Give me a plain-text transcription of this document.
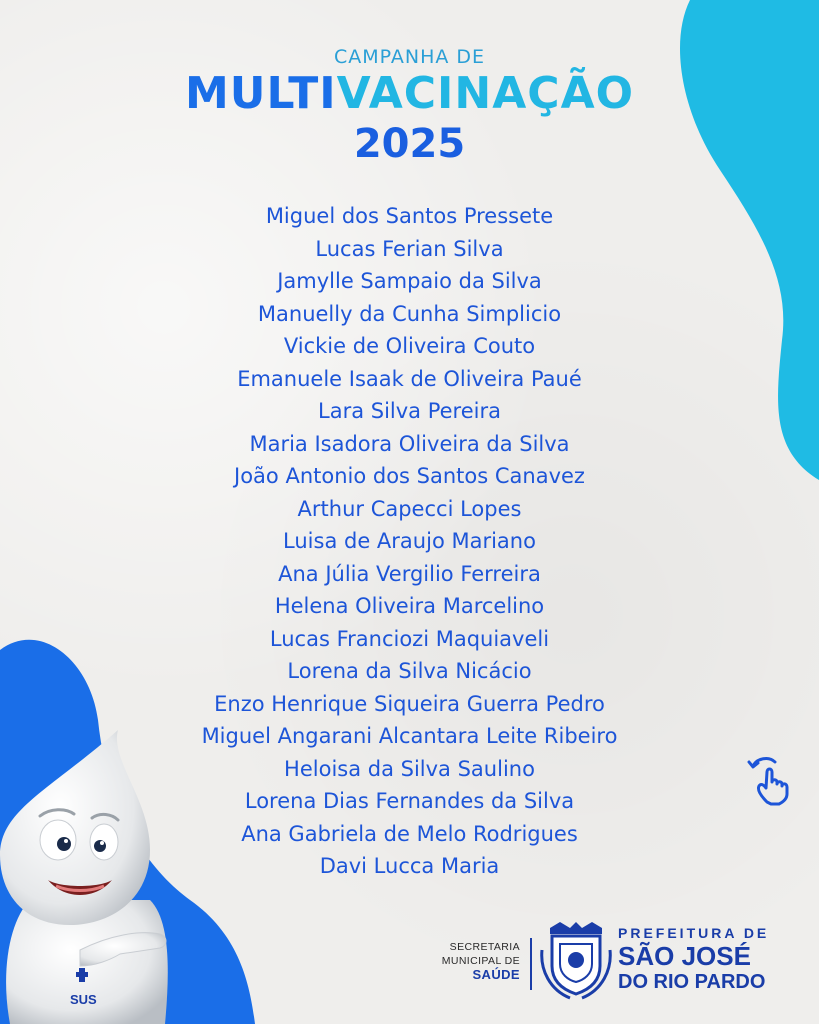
CAMPANHA DE
MULTIVACINAÇÃO
2025
Miguel dos Santos Pressete
Lucas Ferian Silva
Jamylle Sampaio da Silva
Manuelly da Cunha Simplicio
Vickie de Oliveira Couto
Emanuele Isaak de Oliveira Paué
Lara Silva Pereira
Maria Isadora Oliveira da Silva
João Antonio dos Santos Canavez
Arthur Capecci Lopes
Luisa de Araujo Mariano
Ana Júlia Vergilio Ferreira
Helena Oliveira Marcelino
Lucas Franciozi Maquiaveli
Lorena da Silva Nicácio
Enzo Henrique Siqueira Guerra Pedro
Miguel Angarani Alcantara Leite Ribeiro
Heloisa da Silva Saulino
Lorena Dias Fernandes da Silva
Ana Gabriela de Melo Rodrigues
Davi Lucca Maria
SUS
SECRETARIA
MUNICIPAL DE
SAÚDE
PREFEITURA DE
SÃO JOSÉ
DO RIO PARDO
